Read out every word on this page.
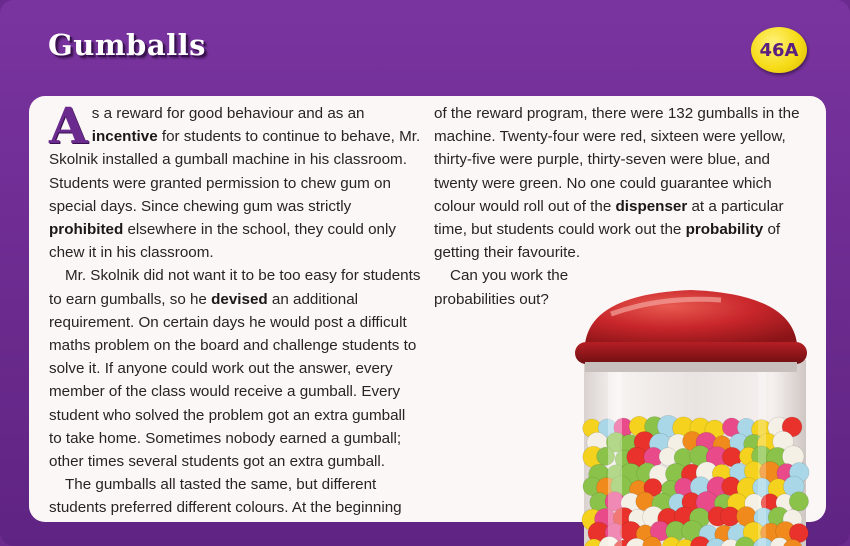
Gumballs	46A

As a reward for good behaviour and as an incentive for students to continue to behave, Mr. Skolnik installed a gumball machine in his classroom. Students were granted permission to chew gum on special days. Since chewing gum was strictly prohibited elsewhere in the school, they could only chew it in his classroom.

Mr. Skolnik did not want it to be too easy for students to earn gumballs, so he devised an additional requirement. On certain days he would post a difficult maths problem on the board and challenge students to solve it. If anyone could work out the answer, every member of the class would receive a gumball. Every student who solved the problem got an extra gumball to take home. Sometimes nobody earned a gumball; other times several students got an extra gumball.

The gumballs all tasted the same, but different students preferred different colours. At the beginning

of the reward program, there were 132 gumballs in the machine. Twenty-four were red, sixteen were yellow, thirty-five were purple, thirty-seven were blue, and twenty were green. No one could guarantee which colour would roll out of the dispenser at a particular time, but students could work out the probability of getting their favourite.

Can you work the probabilities out?
